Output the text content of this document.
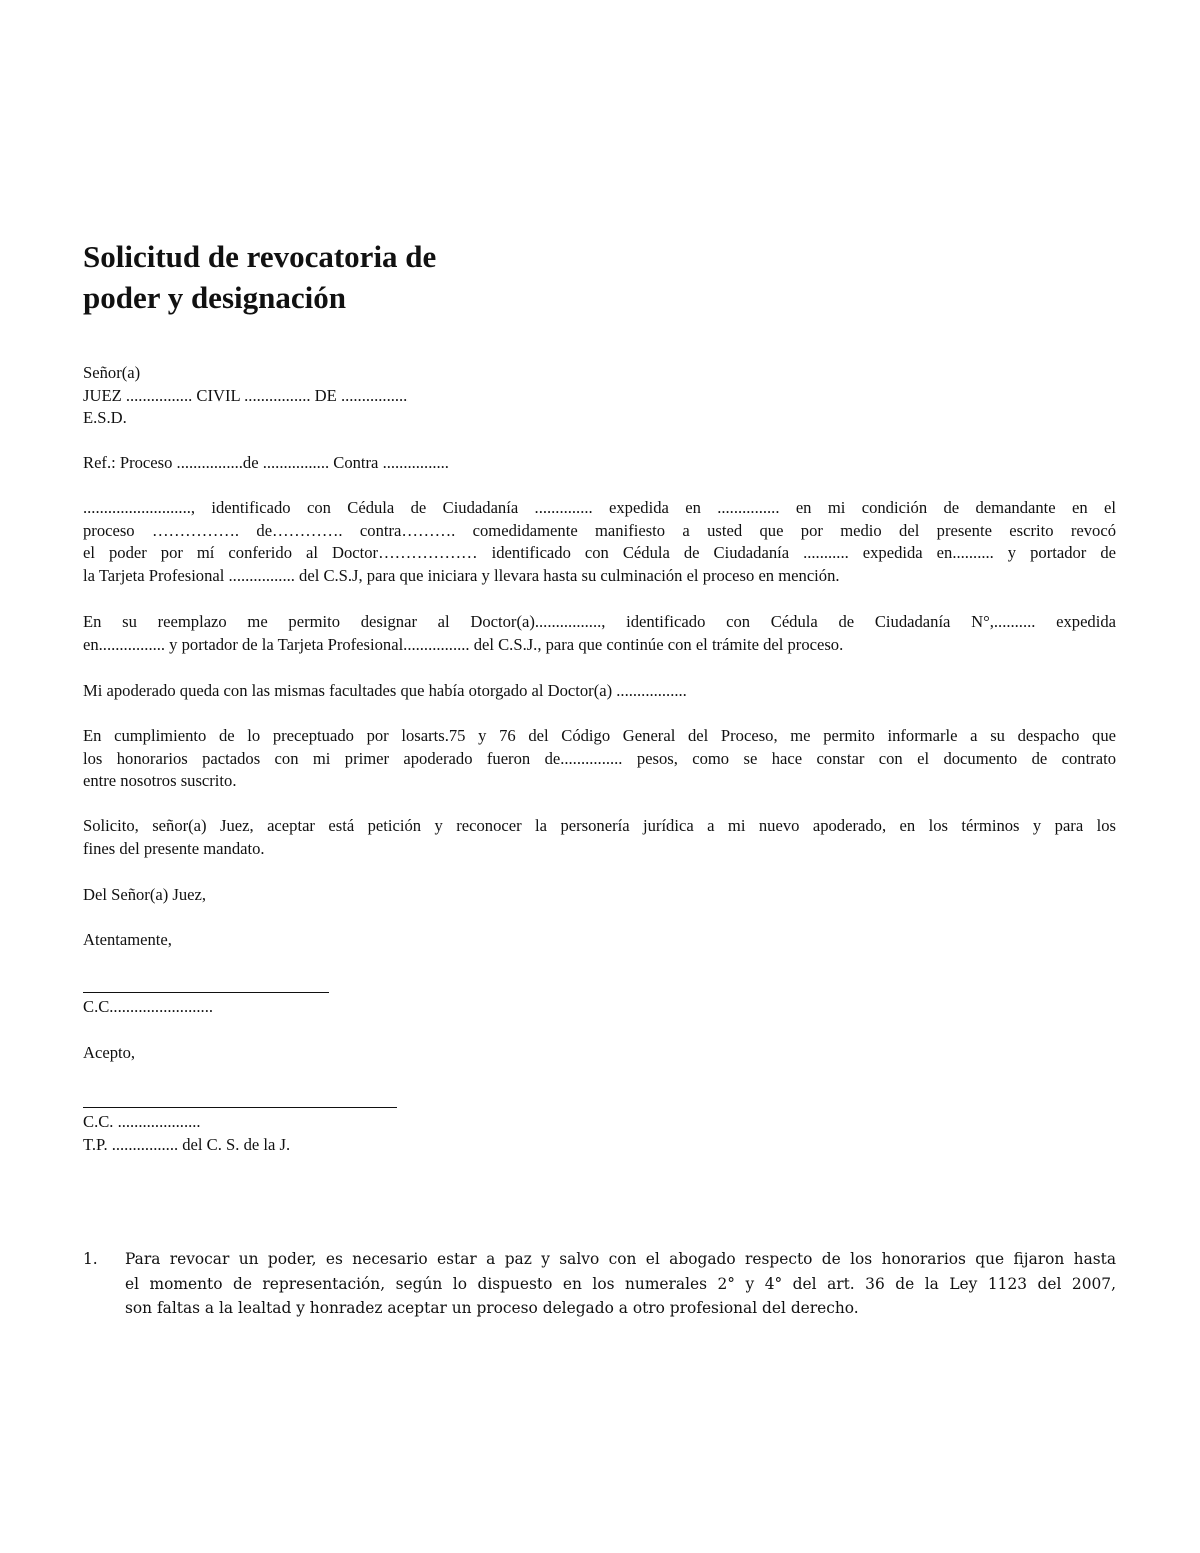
Solicitud de revocatoria de
poder y designación
Señor(a)
JUEZ ................ CIVIL ................ DE ................
E.S.D.
Ref.: Proceso ................de ................ Contra ................
.........................., identificado con Cédula de Ciudadanía .............. expedida en ............... en mi condición de demandante en el
proceso ……………. de…………. contra………. comedidamente manifiesto a usted que por medio del presente escrito revocó
el poder por mí conferido al Doctor……………… identificado con Cédula de Ciudadanía ........... expedida en.......... y portador de
la Tarjeta Profesional ................ del C.S.J, para que iniciara y llevara hasta su culminación el proceso en mención.
En su reemplazo me permito designar al Doctor(a)................, identificado con Cédula de Ciudadanía N°,.......... expedida
en................ y portador de la Tarjeta Profesional................ del C.S.J., para que continúe con el trámite del proceso.
Mi apoderado queda con las mismas facultades que había otorgado al Doctor(a) .................
En cumplimiento de lo preceptuado por losarts.75 y 76 del Código General del Proceso, me permito informarle a su despacho que
los honorarios pactados con mi primer apoderado fueron de............... pesos, como se hace constar con el documento de contrato
entre nosotros suscrito.
Solicito, señor(a) Juez, aceptar está petición y reconocer la personería jurídica a mi nuevo apoderado, en los términos y para los
fines del presente mandato.
Del Señor(a) Juez,
Atentamente,
C.C.........................
Acepto,
C.C. ....................
T.P. ................ del C. S. de la J.
1. Para revocar un poder, es necesario estar a paz y salvo con el abogado respecto de los honorarios que fijaron hasta
el momento de representación, según lo dispuesto en los numerales 2° y 4° del art. 36 de la Ley 1123 del 2007,
son faltas a la lealtad y honradez aceptar un proceso delegado a otro profesional del derecho.
